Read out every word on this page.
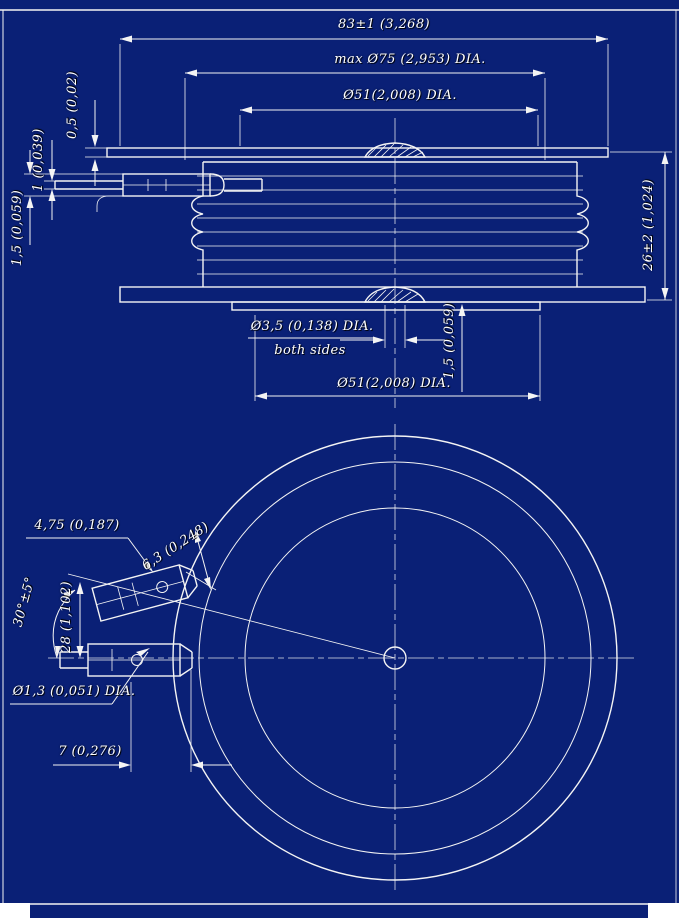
83±1 (3,268)
max Ø75 (2,953) DIA.
Ø51(2,008) DIA.
0,5 (0,02)
1 (0,039)
1,5 (0,059)	26±2 (1,024)
Ø3,5 (0,138) DIA.
both sides	1,5 (0,059)
Ø51(2,008) DIA.
4,75 (0,187) 6,3 (0,248)
30°±5° 28 (1,102)
Ø1,3 (0,051) DIA.
7 (0,276)
